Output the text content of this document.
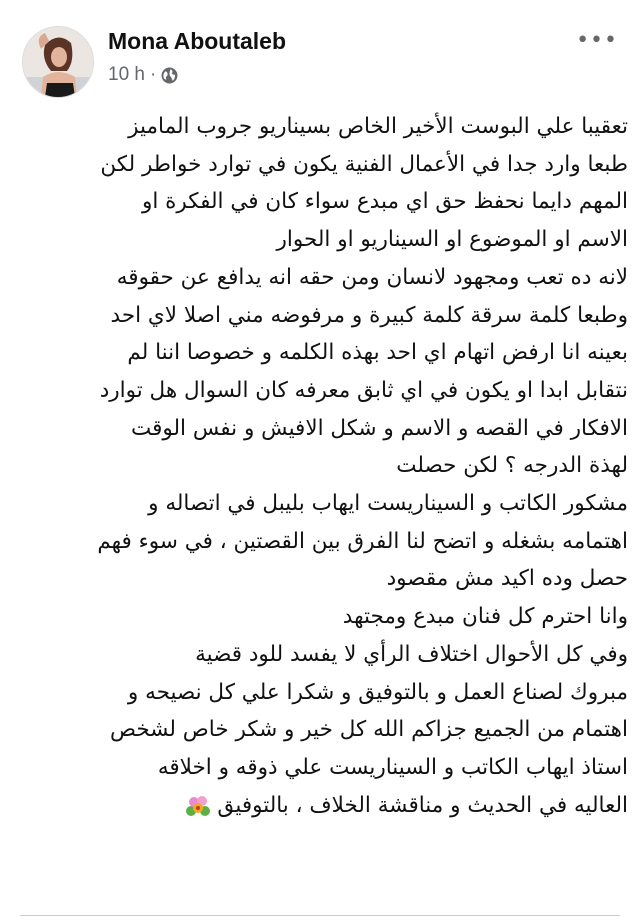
Mona Aboutaleb
10 h ·
•••
تعقيبا علي البوست الأخير الخاص بسيناريو جروب الماميز
طبعا وارد جدا في الأعمال الفنية يكون في توارد خواطر لكن
المهم دايما نحفظ حق اي مبدع سواء كان في الفكرة او
الاسم او الموضوع او السيناريو او الحوار
لانه ده تعب ومجهود لانسان ومن حقه انه يدافع عن حقوقه
وطبعا كلمة سرقة كلمة كبيرة و مرفوضه مني اصلا لاي احد
بعينه انا ارفض اتهام اي احد بهذه الكلمه و خصوصا اننا لم
نتقابل ابدا او يكون في اي ثابق معرفه كان السوال هل توارد
الافكار في القصه و الاسم و شكل الافيش و نفس الوقت
لهذة الدرجه ؟ لكن حصلت
مشكور الكاتب و السيناريست ايهاب بليبل في اتصاله و
اهتمامه بشغله و اتضح لنا الفرق بين القصتين ، في سوء فهم
حصل وده اكيد مش مقصود
وانا احترم كل فنان مبدع ومجتهد
وفي كل الأحوال اختلاف الرأي لا يفسد للود قضية
مبروك لصناع العمل و بالتوفيق و شكرا علي كل نصيحه و
اهتمام من الجميع جزاكم الله كل خير و شكر خاص لشخص
استاذ ايهاب الكاتب و السيناريست علي ذوقه و اخلاقه
العاليه في الحديث و مناقشة الخلاف ، بالتوفيق
